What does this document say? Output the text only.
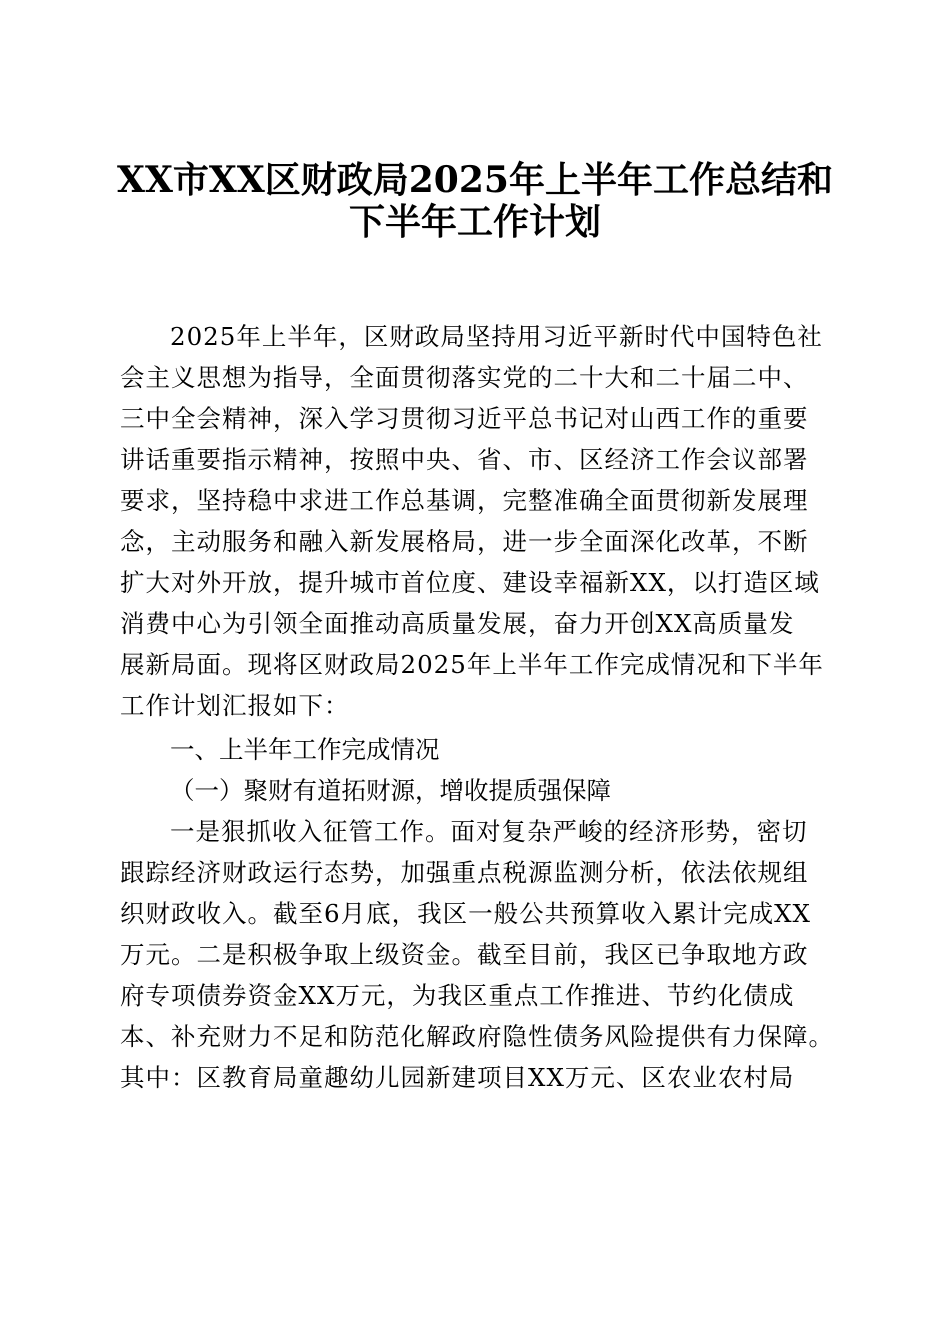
XX市XX区财政局2025年上半年工作总结和
下半年工作计划
2025年上半年，区财政局坚持用习近平新时代中国特色社
会主义思想为指导，全面贯彻落实党的二十大和二十届二中、
三中全会精神，深入学习贯彻习近平总书记对山西工作的重要
讲话重要指示精神，按照中央、省、市、区经济工作会议部署
要求，坚持稳中求进工作总基调，完整准确全面贯彻新发展理
念，主动服务和融入新发展格局，进一步全面深化改革，不断
扩大对外开放，提升城市首位度、建设幸福新XX，以打造区域
消费中心为引领全面推动高质量发展，奋力开创XX高质量发
展新局面。现将区财政局2025年上半年工作完成情况和下半年
工作计划汇报如下：
一、上半年工作完成情况
（一）聚财有道拓财源，增收提质强保障
一是狠抓收入征管工作。面对复杂严峻的经济形势，密切
跟踪经济财政运行态势，加强重点税源监测分析，依法依规组
织财政收入。截至6月底，我区一般公共预算收入累计完成XX
万元。二是积极争取上级资金。截至目前，我区已争取地方政
府专项债券资金XX万元，为我区重点工作推进、节约化债成
本、补充财力不足和防范化解政府隐性债务风险提供有力保障。
其中：区教育局童趣幼儿园新建项目XX万元、区农业农村局
